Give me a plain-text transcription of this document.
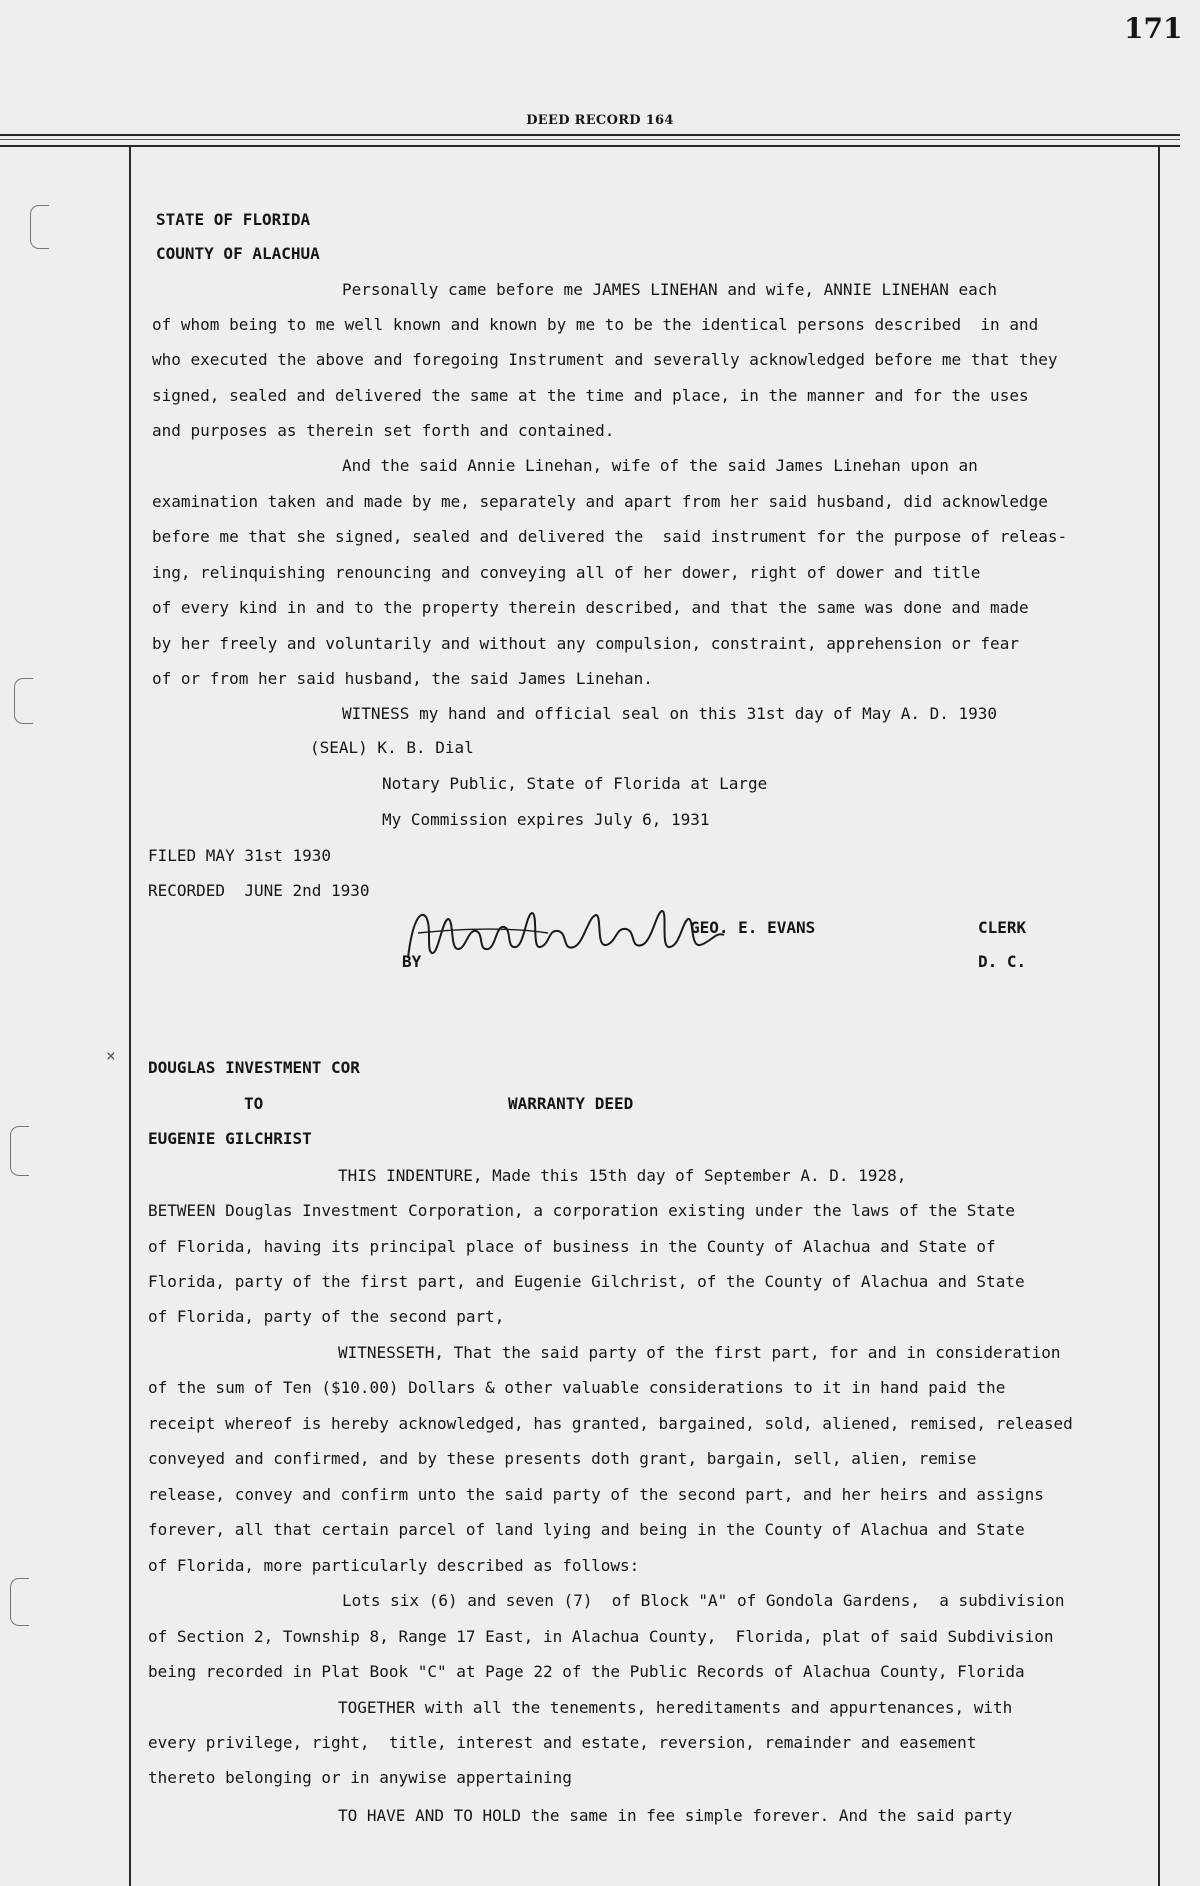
171
DEED RECORD 164
×
STATE OF FLORIDA
COUNTY OF ALACHUA
Personally came before me JAMES LINEHAN and wife, ANNIE LINEHAN each
of whom being to me well known and known by me to be the identical persons described  in and
who executed the above and foregoing Instrument and severally acknowledged before me that they
signed, sealed and delivered the same at the time and place, in the manner and for the uses
and purposes as therein set forth and contained.
And the said Annie Linehan, wife of the said James Linehan upon an
examination taken and made by me, separately and apart from her said husband, did acknowledge
before me that she signed, sealed and delivered the  said instrument for the purpose of releas-
ing, relinquishing renouncing and conveying all of her dower, right of dower and title
of every kind in and to the property therein described, and that the same was done and made
by her freely and voluntarily and without any compulsion, constraint, apprehension or fear
of or from her said husband, the said James Linehan.
WITNESS my hand and official seal on this 31st day of May A. D. 1930
(SEAL) K. B. Dial
Notary Public, State of Florida at Large
My Commission expires July 6, 1931
FILED MAY 31st 1930
RECORDED  JUNE 2nd 1930
GEO. E. EVANS	CLERK
BY	D. C.
DOUGLAS INVESTMENT COR
TO	WARRANTY DEED
EUGENIE GILCHRIST
THIS INDENTURE, Made this 15th day of September A. D. 1928,
BETWEEN Douglas Investment Corporation, a corporation existing under the laws of the State
of Florida, having its principal place of business in the County of Alachua and State of
Florida, party of the first part, and Eugenie Gilchrist, of the County of Alachua and State
of Florida, party of the second part,
WITNESSETH, That the said party of the first part, for and in consideration
of the sum of Ten ($10.00) Dollars & other valuable considerations to it in hand paid the
receipt whereof is hereby acknowledged, has granted, bargained, sold, aliened, remised, released
conveyed and confirmed, and by these presents doth grant, bargain, sell, alien, remise
release, convey and confirm unto the said party of the second part, and her heirs and assigns
forever, all that certain parcel of land lying and being in the County of Alachua and State
of Florida, more particularly described as follows:
Lots six (6) and seven (7)  of Block "A" of Gondola Gardens,  a subdivision
of Section 2, Township 8, Range 17 East, in Alachua County,  Florida, plat of said Subdivision
being recorded in Plat Book "C" at Page 22 of the Public Records of Alachua County, Florida
TOGETHER with all the tenements, hereditaments and appurtenances, with
every privilege, right,  title, interest and estate, reversion, remainder and easement
thereto belonging or in anywise appertaining
TO HAVE AND TO HOLD the same in fee simple forever. And the said party
